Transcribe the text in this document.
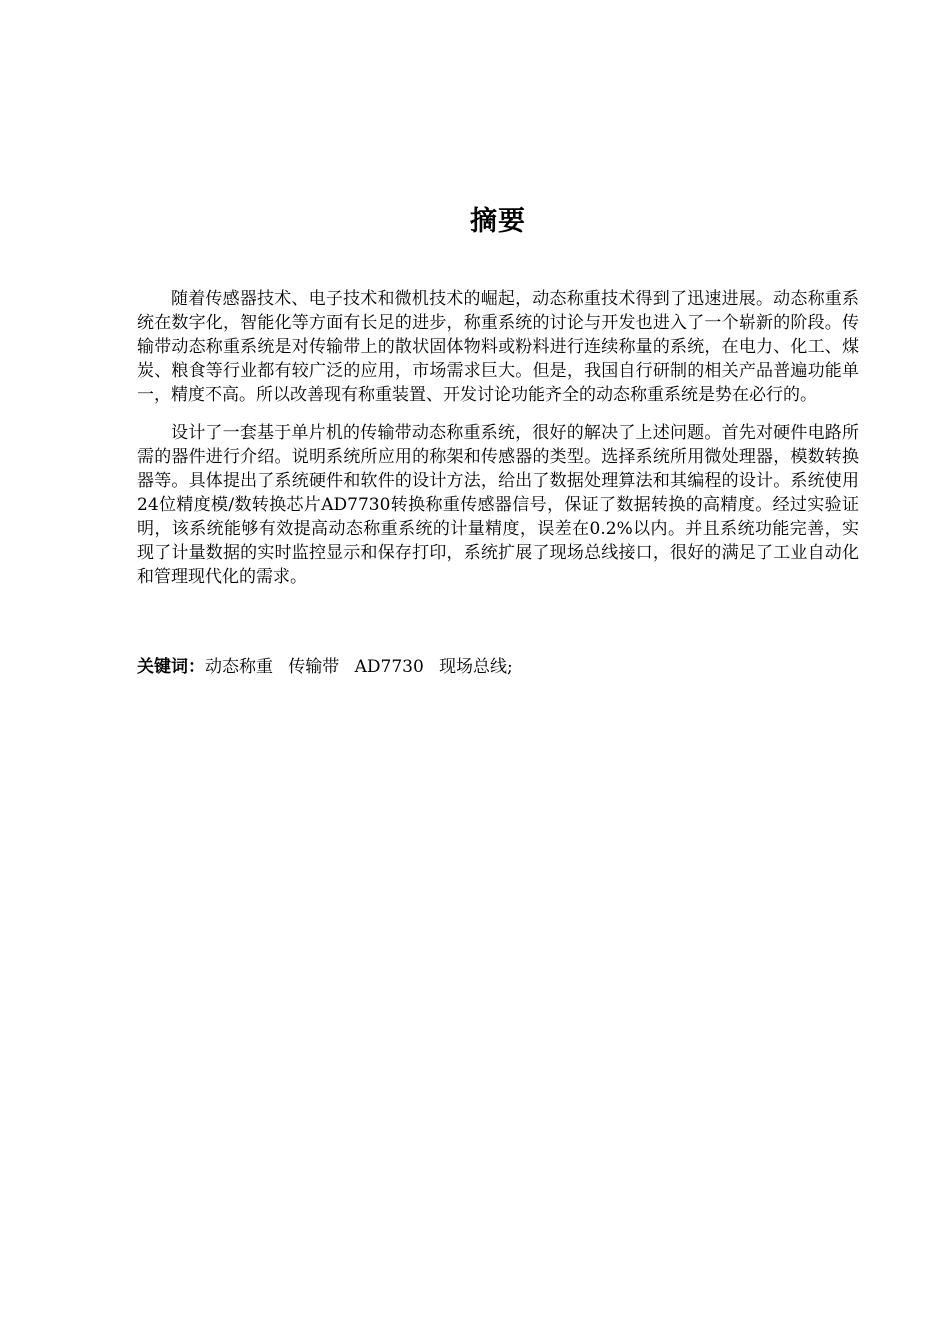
摘要

随着传感器技术、电子技术和微机技术的崛起，动态称重技术得到了迅速进展。动态称重系统在数字化，智能化等方面有长足的进步，称重系统的讨论与开发也进入了一个崭新的阶段。传输带动态称重系统是对传输带上的散状固体物料或粉料进行连续称量的系统，在电力、化工、煤炭、粮食等行业都有较广泛的应用，市场需求巨大。但是，我国自行研制的相关产品普遍功能单一，精度不高。所以改善现有称重装置、开发讨论功能齐全的动态称重系统是势在必行的。

设计了一套基于单片机的传输带动态称重系统，很好的解决了上述问题。首先对硬件电路所需的器件进行介绍。说明系统所应用的称架和传感器的类型。选择系统所用微处理器，模数转换器等。具体提出了系统硬件和软件的设计方法，给出了数据处理算法和其编程的设计。系统使用24位精度模/数转换芯片AD7730转换称重传感器信号，保证了数据转换的高精度。经过实验证明，该系统能够有效提高动态称重系统的计量精度，误差在0.2%以内。并且系统功能完善，实现了计量数据的实时监控显示和保存打印，系统扩展了现场总线接口，很好的满足了工业自动化和管理现代化的需求。

关键词：动态称重 传输带 AD7730 现场总线;
